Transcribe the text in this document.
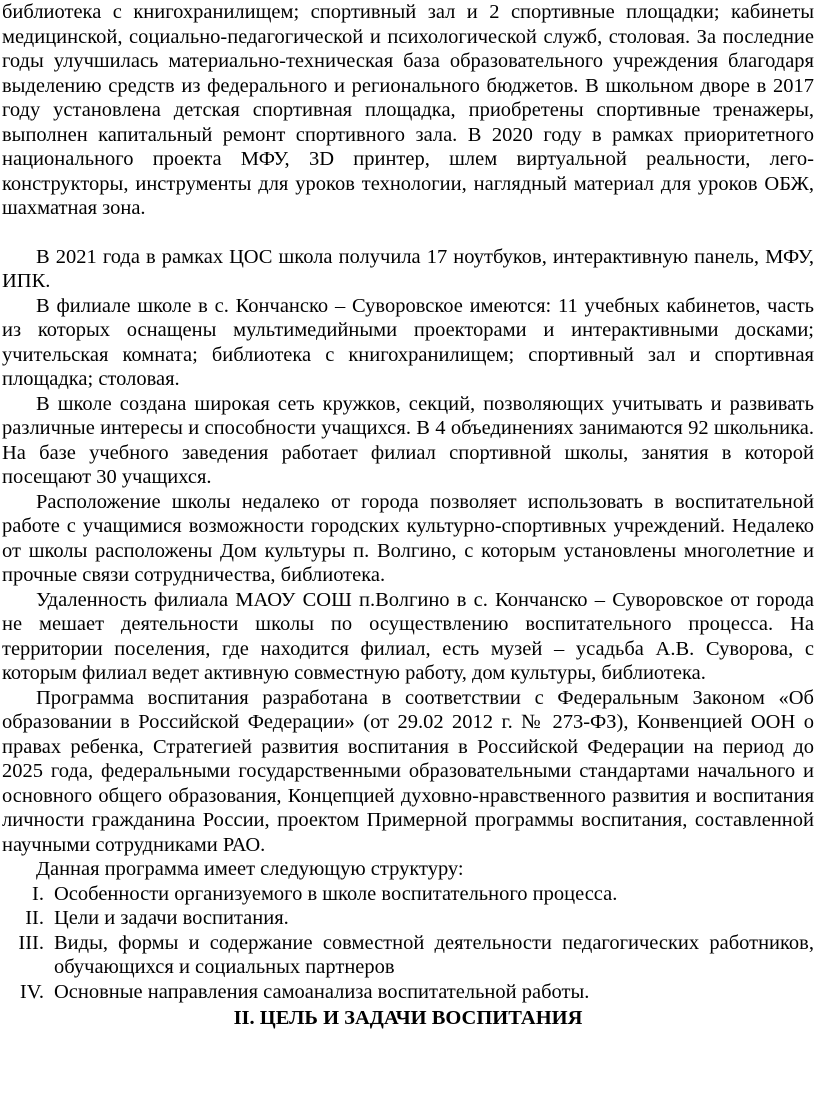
библиотека с книгохранилищем; спортивный зал и 2 спортивные площадки; кабинеты медицинской, социально-педагогической и психологической служб, столовая. За последние годы улучшилась материально-техническая база образовательного учреждения благодаря выделению средств из федерального и регионального бюджетов. В школьном дворе в 2017 году установлена детская спортивная площадка, приобретены спортивные тренажеры, выполнен капитальный ремонт спортивного зала. В 2020 году в рамках приоритетного национального проекта МФУ, 3D принтер, шлем виртуальной реальности, лего-конструкторы, инструменты для уроков технологии, наглядный материал для уроков ОБЖ, шахматная зона.

В 2021 года в рамках ЦОС школа получила 17 ноутбуков, интерактивную панель, МФУ, ИПК.

В филиале школе в с. Кончанско – Суворовское имеются: 11 учебных кабинетов, часть из которых оснащены мультимедийными проекторами и интерактивными досками; учительская комната; библиотека с книгохранилищем; спортивный зал и спортивная площадка; столовая.

В школе создана широкая сеть кружков, секций, позволяющих учитывать и развивать различные интересы и способности учащихся. В 4 объединениях занимаются 92 школьника. На базе учебного заведения работает филиал спортивной школы, занятия в которой посещают 30 учащихся.

Расположение школы недалеко от города позволяет использовать в воспитательной работе с учащимися возможности городских культурно-спортивных учреждений. Недалеко от школы расположены Дом культуры п. Волгино, с которым установлены многолетние и прочные связи сотрудничества, библиотека.

Удаленность филиала МАОУ СОШ п.Волгино в с. Кончанско – Суворовское от города не мешает деятельности школы по осуществлению воспитательного процесса. На территории поселения, где находится филиал, есть музей – усадьба А.В. Суворова, с которым филиал ведет активную совместную работу, дом культуры, библиотека.

Программа воспитания разработана в соответствии с Федеральным Законом «Об образовании в Российской Федерации» (от 29.02 2012 г. № 273-ФЗ), Конвенцией ООН о правах ребенка, Стратегией развития воспитания в Российской Федерации на период до 2025 года, федеральными государственными образовательными стандартами начального и основного общего образования, Концепцией духовно-нравственного развития и воспитания личности гражданина России, проектом Примерной программы воспитания, составленной научными сотрудниками РАО.

Данная программа имеет следующую структуру:

I. Особенности организуемого в школе воспитательного процесса.
II. Цели и задачи воспитания.
III. Виды, формы и содержание совместной деятельности педагогических работников, обучающихся и социальных партнеров
IV. Основные направления самоанализа воспитательной работы.

II. ЦЕЛЬ И ЗАДАЧИ ВОСПИТАНИЯ
